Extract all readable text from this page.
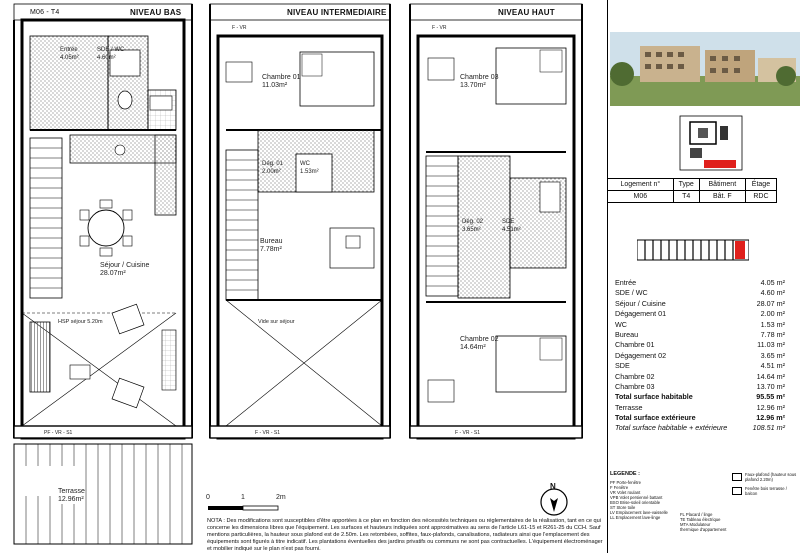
M06 - T4	NIVEAU BAS	NIVEAU INTERMEDIAIRE	NIVEAU HAUT
F - VR	F - VR
PF - VR - S1	F - VR - S1	F - VR - S1
HSP séjour 5.20m	Vide sur séjour
Entrée
4.05m²
SDE / WC
4.60m²
Séjour / Cuisine
28.07m²
Terrasse
12.96m²
Chambre 01
11.03m²
Dég. 01
2.00m²
WC
1.53m²
Bureau
7.78m²
Chambre 03
13.70m²
Dég. 02
3.65m²
SDE
4.51m²
Chambre 02
14.64m²
0	1	2m
N
NOTA : Des modifications sont susceptibles d'être apportées à ce plan en fonction des nécessités techniques ou réglementaires de la réalisation, tant en ce qui concerne les dimensions libres que l'équipement. Les surfaces et hauteurs indiquées sont approximatives au sens de l'article L61-15 et R261-25 du CCH. Sauf mentions particulières, la hauteur sous plafond est de 2.50m. Les retombées, soffites, faux-plafonds, canalisations, radiateurs ainsi que l'emplacement des équipements sont figurés à titre indicatif. Les plantations éventuelles des jardins privatifs ou communs ne sont pas contractuelles. L'équipement électroménager et mobilier indiqué sur le plan n'est pas fourni.
Logement n°	Type	Bâtiment	Étage
M06	T4	Bât. F	RDC
Entrée	4.05 m²
SDE / WC	4.60 m²
Séjour / Cuisine	28.07 m²
Dégagement 01	2.00 m²
WC	1.53 m²
Bureau	7.78 m²
Chambre 01	11.03 m²
Dégagement 02	3.65 m²
SDE	4.51 m²
Chambre 02	14.64 m²
Chambre 03	13.70 m²
Total surface habitable	95.55 m²
Terrasse	12.96 m²
Total surface extérieure	12.96 m²
Total surface habitable + extérieure	108.51 m²
LEGENDE :
PF Porte-fenêtre
F Fenêtre
VR Volet roulant
VPB Volet persienné battant
BSO Brise-soleil orientable
ST Store toile
LV Emplacement lave-vaisselle
LL Emplacement lave-linge
FL Placard / linge
TE Tableau électrique
MTA Modulateur thermique d'appartement
Faux-plafond (hauteur sous plafond 2.20m)
Fenêtre bois terrasse / balcon
